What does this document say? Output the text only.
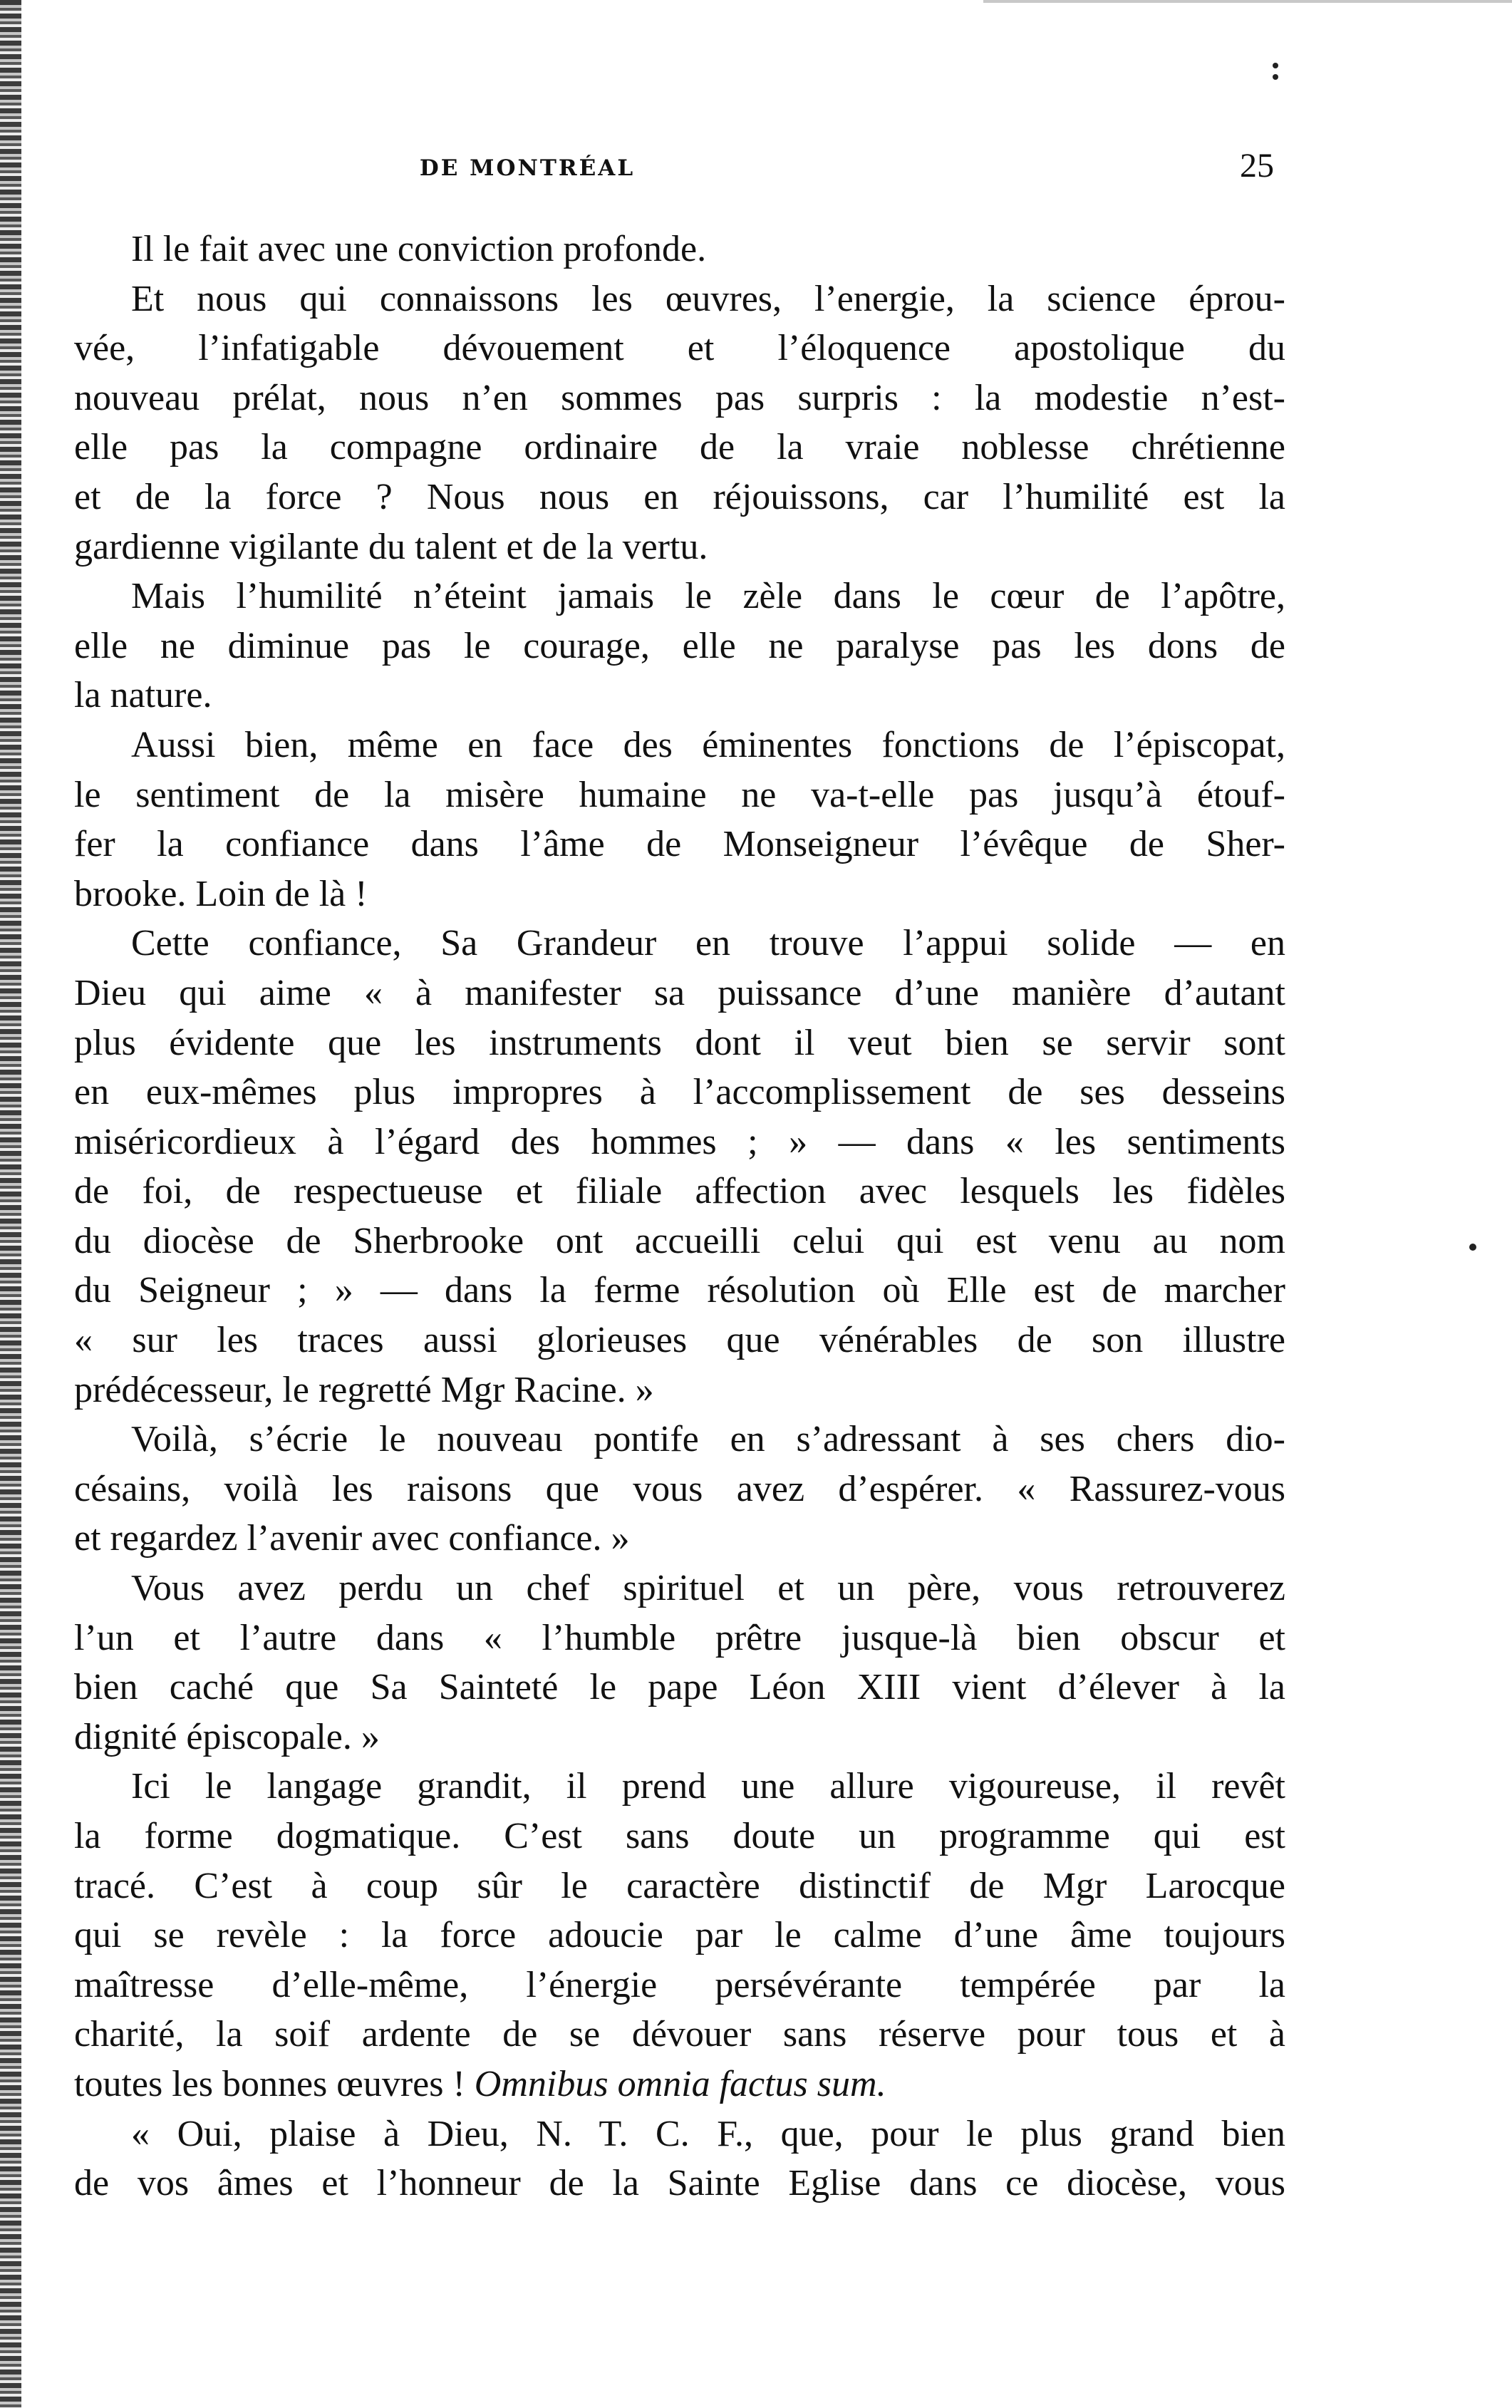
DE MONTRÉAL	25
Il le fait avec une conviction profonde.
Et nous qui connaissons les œuvres, l’energie, la science éprou-
vée, l’infatigable dévouement et l’éloquence apostolique du
nouveau prélat, nous n’en sommes pas surpris : la modestie n’est-
elle pas la compagne ordinaire de la vraie noblesse chrétienne
et de la force ? Nous nous en réjouissons, car l’humilité est la
gardienne vigilante du talent et de la vertu.
Mais l’humilité n’éteint jamais le zèle dans le cœur de l’apôtre,
elle ne diminue pas le courage, elle ne paralyse pas les dons de
la nature.
Aussi bien, même en face des éminentes fonctions de l’épiscopat,
le sentiment de la misère humaine ne va-t-elle pas jusqu’à étouf-
fer la confiance dans l’âme de Monseigneur l’évêque de Sher-
brooke. Loin de là !
Cette confiance, Sa Grandeur en trouve l’appui solide — en
Dieu qui aime « à manifester sa puissance d’une manière d’autant
plus évidente que les instruments dont il veut bien se servir sont
en eux-mêmes plus impropres à l’accomplissement de ses desseins
miséricordieux à l’égard des hommes ; » — dans « les sentiments
de foi, de respectueuse et filiale affection avec lesquels les fidèles
du diocèse de Sherbrooke ont accueilli celui qui est venu au nom
du Seigneur ; » — dans la ferme résolution où Elle est de marcher
« sur les traces aussi glorieuses que vénérables de son illustre
prédécesseur, le regretté Mgr Racine. »
Voilà, s’écrie le nouveau pontife en s’adressant à ses chers dio-
césains, voilà les raisons que vous avez d’espérer. « Rassurez-vous
et regardez l’avenir avec confiance. »
Vous avez perdu un chef spirituel et un père, vous retrouverez
l’un et l’autre dans « l’humble prêtre jusque-là bien obscur et
bien caché que Sa Sainteté le pape Léon XIII vient d’élever à la
dignité épiscopale. »
Ici le langage grandit, il prend une allure vigoureuse, il revêt
la forme dogmatique. C’est sans doute un programme qui est
tracé. C’est à coup sûr le caractère distinctif de Mgr Larocque
qui se revèle : la force adoucie par le calme d’une âme toujours
maîtresse d’elle-même, l’énergie persévérante tempérée par la
charité, la soif ardente de se dévouer sans réserve pour tous et à
toutes les bonnes œuvres ! Omnibus omnia factus sum.
« Oui, plaise à Dieu, N. T. C. F., que, pour le plus grand bien
de vos âmes et l’honneur de la Sainte Eglise dans ce diocèse, vous
